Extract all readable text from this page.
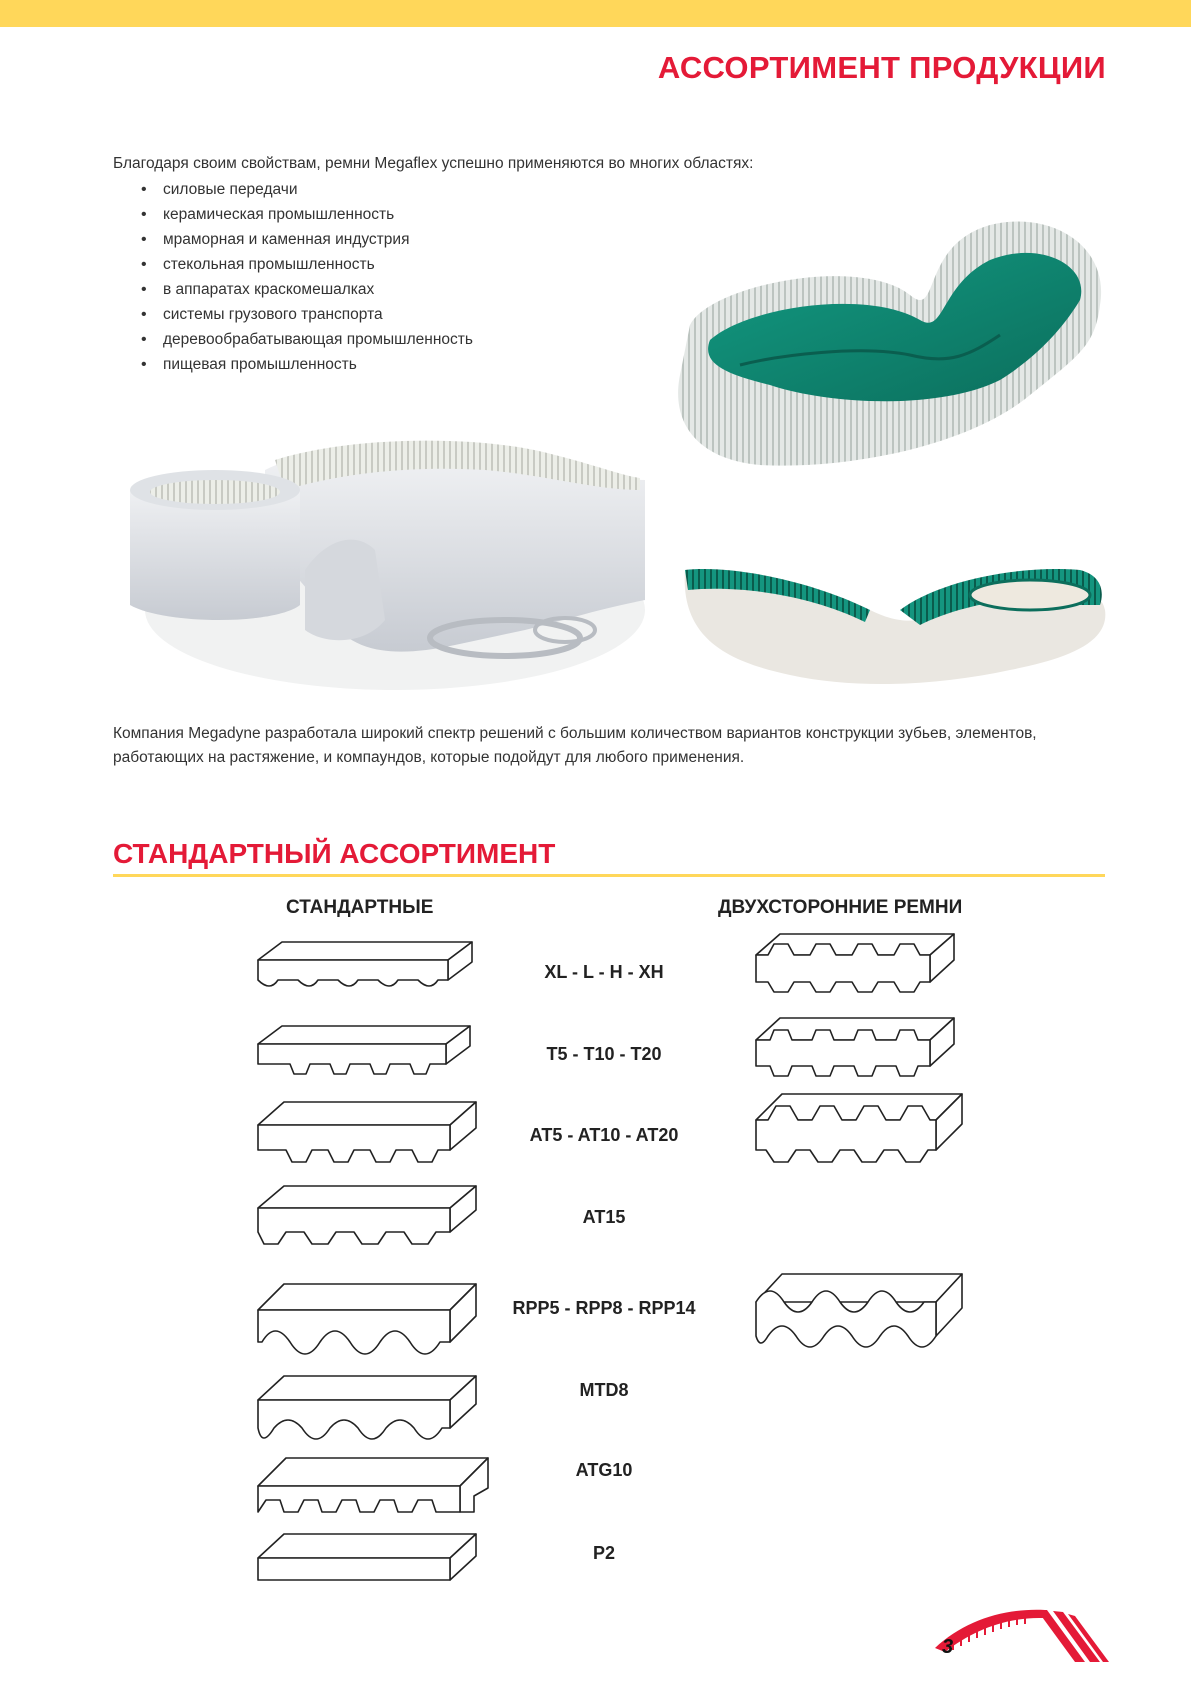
АССОРТИМЕНТ ПРОДУКЦИИ
Благодаря своим свойствам, ремни Megaflex успешно применяются во многих областях:
• силовые передачи
• керамическая промышленность
• мраморная и каменная индустрия
• стекольная промышленность
• в аппаратах краскомешалках
• системы грузового транспорта
• деревообрабатывающая промышленность
• пищевая промышленность
Компания Megadyne разработала широкий спектр решений с большим количеством вариантов конструкции зубьев, элементов, работающих на растяжение, и компаундов, которые подойдут для любого применения.
СТАНДАРТНЫЙ АССОРТИМЕНТ
СТАНДАРТНЫЕ	ДВУХСТОРОННИЕ РЕМНИ
XL - L - H - XH
T5 - T10 - T20
AT5 - AT10 - AT20
AT15
RPP5 - RPP8 - RPP14
MTD8
ATG10
P2
3
